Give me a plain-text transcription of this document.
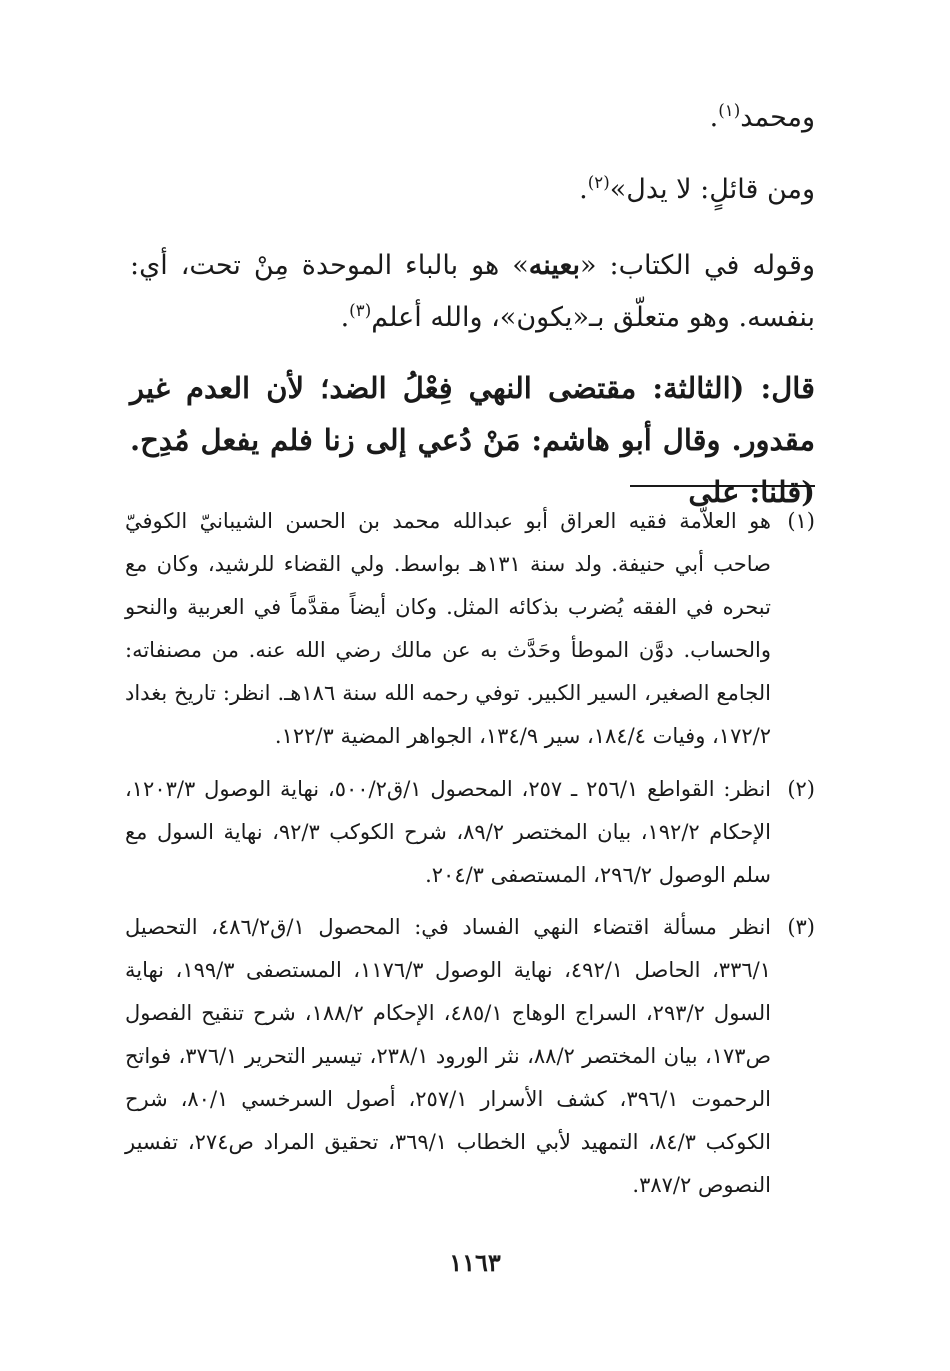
ومحمد$^{(١)}$.
ومن قائلٍ: لا يدل»$^{(٢)}$.
وقوله في الكتاب: «بعينه» هو بالباء الموحدة مِنْ تحت، أي: بنفسه. وهو متعلّق بـ«يكون»، والله أعلم$^{(٣)}$.
قال: (الثالثة: مقتضى النهي فِعْلُ الضد؛ لأن العدم غير مقدور. وقال أبو هاشم: مَنْ دُعي إلى زنا فلم يفعل مُدِح. (قلنا: على
(١)
هو العلاّمة فقيه العراق أبو عبدالله محمد بن الحسن الشيبانيّ الكوفيّ صاحب أبي حنيفة. ولد سنة ١٣١هـ بواسط. ولي القضاء للرشيد، وكان مع تبحره في الفقه يُضرب بذكائه المثل. وكان أيضاً مقدَّماً في العربية والنحو والحساب. دوَّن الموطأ وحَدَّث به عن مالك رضي الله عنه. من مصنفاته: الجامع الصغير، السير الكبير. توفي رحمه الله سنة ١٨٦هـ. انظر: تاريخ بغداد ١٧٢/٢، وفيات ١٨٤/٤، سير ١٣٤/٩، الجواهر المضية ١٢٢/٣.
(٢)
انظر: القواطع ٢٥٦/١ ـ ٢٥٧، المحصول ١/ق٥٠٠/٢، نهاية الوصول ١٢٠٣/٣، الإحكام ١٩٢/٢، بيان المختصر ٨٩/٢، شرح الكوكب ٩٢/٣، نهاية السول مع سلم الوصول ٢٩٦/٢، المستصفى ٢٠٤/٣.
(٣)
انظر مسألة اقتضاء النهي الفساد في: المحصول ١/ق٤٨٦/٢، التحصيل ٣٣٦/١، الحاصل ٤٩٢/١، نهاية الوصول ١١٧٦/٣، المستصفى ١٩٩/٣، نهاية السول ٢٩٣/٢، السراج الوهاج ٤٨٥/١، الإحكام ١٨٨/٢، شرح تنقيح الفصول ص١٧٣، بيان المختصر ٨٨/٢، نثر الورود ٢٣٨/١، تيسير التحرير ٣٧٦/١، فواتح الرحموت ٣٩٦/١، كشف الأسرار ٢٥٧/١، أصول السرخسي ٨٠/١، شرح الكوكب ٨٤/٣، التمهيد لأبي الخطاب ٣٦٩/١، تحقيق المراد ص٢٧٤، تفسير النصوص ٣٨٧/٢.
١١٦٣
